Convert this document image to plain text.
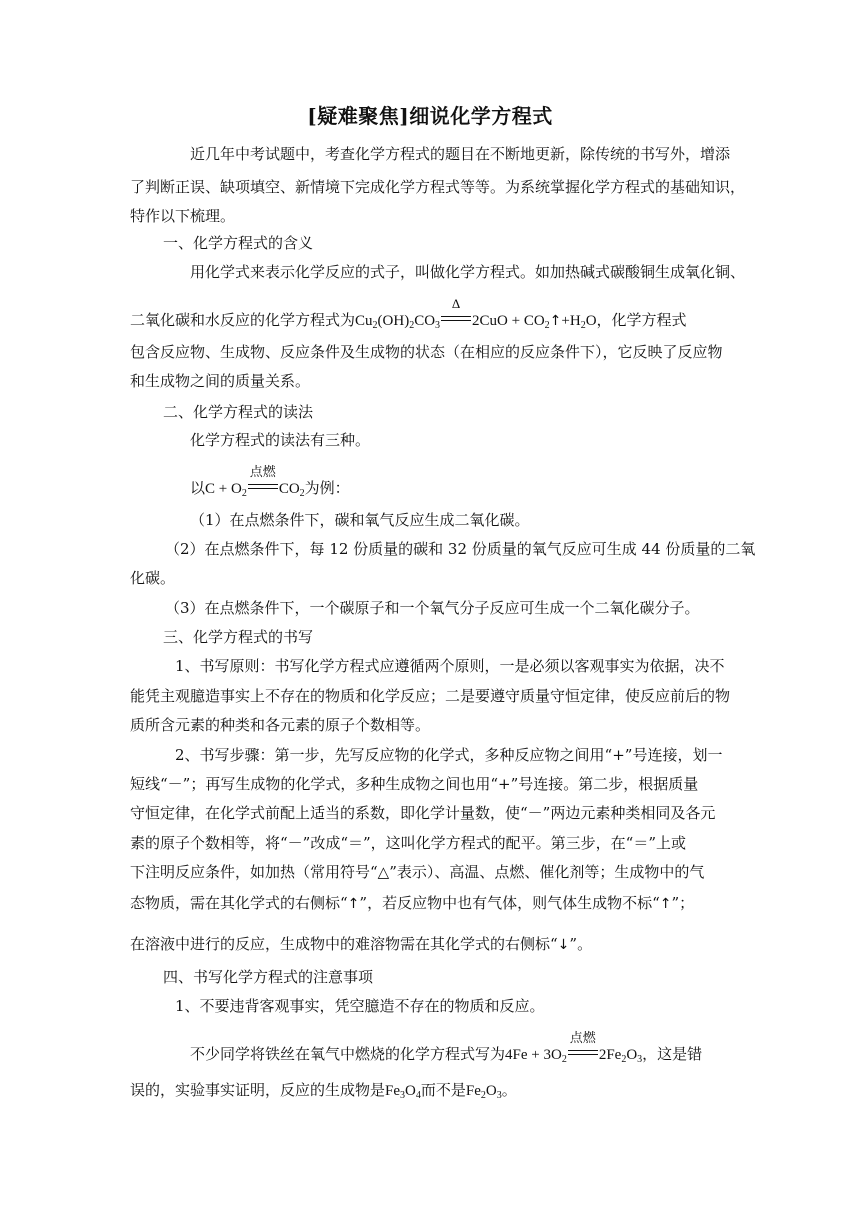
[疑难聚焦]细说化学方程式
近几年中考试题中，考查化学方程式的题目在不断地更新，除传统的书写外，增添
了判断正误、缺项填空、新情境下完成化学方程式等等。为系统掌握化学方程式的基础知识，
特作以下梳理。
一、化学方程式的含义
用化学式来表示化学反应的式子，叫做化学方程式。如加热碱式碳酸铜生成氧化铜、
二氧化碳和水反应的化学方程式为$Cu_2(OH)_2CO_3$
Δ
$2CuO + CO_2↑+H_2O$，化学方程式
包含反应物、生成物、反应条件及生成物的状态（在相应的反应条件下），它反映了反应物
和生成物之间的质量关系。
二、化学方程式的读法
化学方程式的读法有三种。
以$C + O_2$
点燃
$CO_2$为例：
（1）在点燃条件下，碳和氧气反应生成二氧化碳。
（2）在点燃条件下，每 12 份质量的碳和 32 份质量的氧气反应可生成 44 份质量的二氧
化碳。
（3）在点燃条件下，一个碳原子和一个氧气分子反应可生成一个二氧化碳分子。
三、化学方程式的书写
1、书写原则：书写化学方程式应遵循两个原则，一是必须以客观事实为依据，决不
能凭主观臆造事实上不存在的物质和化学反应；二是要遵守质量守恒定律，使反应前后的物
质所含元素的种类和各元素的原子个数相等。
2、书写步骤：第一步，先写反应物的化学式，多种反应物之间用“+”号连接，划一
短线“－”；再写生成物的化学式，多种生成物之间也用“+”号连接。第二步，根据质量
守恒定律，在化学式前配上适当的系数，即化学计量数，使“－”两边元素种类相同及各元
素的原子个数相等，将“－”改成“＝”，这叫化学方程式的配平。第三步，在“＝”上或
下注明反应条件，如加热（常用符号“△”表示）、高温、点燃、催化剂等；生成物中的气
态物质，需在其化学式的右侧标“↑”，若反应物中也有气体，则气体生成物不标“↑”；
在溶液中进行的反应，生成物中的难溶物需在其化学式的右侧标“↓”。
四、书写化学方程式的注意事项
1、不要违背客观事实，凭空臆造不存在的物质和反应。
不少同学将铁丝在氧气中燃烧的化学方程式写为$4Fe + 3O_2$
点燃
$2Fe_2O_3$，这是错
误的，实验事实证明，反应的生成物是$Fe_3O_4$而不是$Fe_2O_3$。
